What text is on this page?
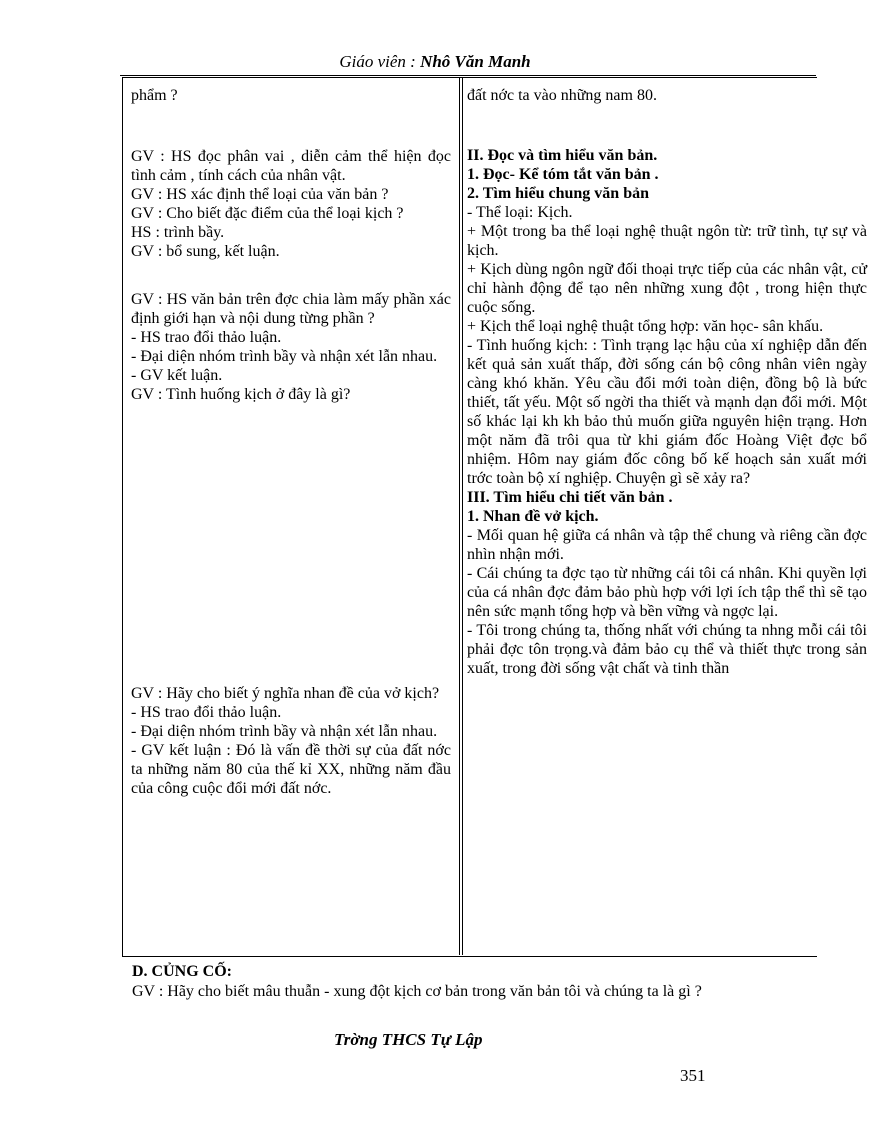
Giáo viên : Nhô Văn Manh

phẩm ?

GV : HS đọc phân vai , diễn cảm thể hiện đọc tình cảm , tính cách của nhân vật.

GV : HS xác định thể loại của văn bản ?

GV : Cho biết đặc điểm của thể loại kịch ?

HS : trình bầy.

GV : bổ sung, kết luận.

GV : HS văn bản trên đợc chia làm mấy phần xác định giới hạn và nội dung từng phần ?

- HS trao đổi thảo luận.

- Đại diện nhóm trình bầy và nhận xét lẫn nhau.

- GV kết luận.

GV : Tình huống kịch ở đây là gì?

GV : Hãy cho biết ý nghĩa nhan đề của vở kịch?

- HS trao đổi thảo luận.

- Đại diện nhóm trình bầy và nhận xét lẫn nhau.

- GV kết luận : Đó là vấn đề thời sự của đất nớc ta những năm 80 của thế kỉ XX, những năm đầu của công cuộc đổi mới đất nớc.

đất nớc ta vào những nam 80.

II. Đọc và tìm hiểu văn bản.

1. Đọc- Kể tóm tắt văn bản .

2. Tìm hiểu chung văn bản

- Thể loại: Kịch.

+ Một trong ba thể loại nghệ thuật ngôn từ: trữ tình, tự sự và kịch.

+ Kịch dùng ngôn ngữ đối thoại trực tiếp của các nhân vật, cử chỉ hành động để tạo nên những xung đột , trong hiện thực cuộc sống.

+ Kịch thể loại nghệ thuật tổng hợp: văn học- sân khấu.

- Tình huống kịch: : Tình trạng lạc hậu của xí nghiệp dẫn đến kết quả sản xuất thấp, đời sống cán bộ công nhân viên ngày càng khó khăn. Yêu cầu đổi mới toàn diện, đồng bộ là bức thiết, tất yếu. Một số ngời tha thiết và mạnh dạn đổi mới. Một số khác lại kh kh bảo thủ muốn giữa nguyên hiện trạng. Hơn một năm đã trôi qua từ khi giám đốc Hoàng Việt đợc bổ nhiệm. Hôm nay giám đốc công bố kế hoạch sản xuất mới trớc toàn bộ xí nghiệp. Chuyện gì sẽ xảy ra?

III. Tìm hiểu chi tiết văn bản .

1. Nhan đề vở kịch.

- Mối quan hệ giữa cá nhân và tập thể chung và riêng cần đợc nhìn nhận mới.

- Cái chúng ta đợc tạo từ những cái tôi cá nhân. Khi quyền lợi của cá nhân đợc đảm bảo phù hợp với lợi ích tập thể thì sẽ tạo nên sức mạnh tổng hợp và bền vững và ngợc lại.

- Tôi trong chúng ta, thống nhất với chúng ta nhng mỗi cái tôi phải đợc tôn trọng.và đảm bảo cụ thể và thiết thực trong sản xuất, trong đời sống vật chất và tinh thần

D. CỦNG CỐ:
GV : Hãy cho biết mâu thuẫn - xung đột kịch cơ bản trong văn bản tôi và chúng ta là gì ?
Trờng THCS Tự Lập
351
